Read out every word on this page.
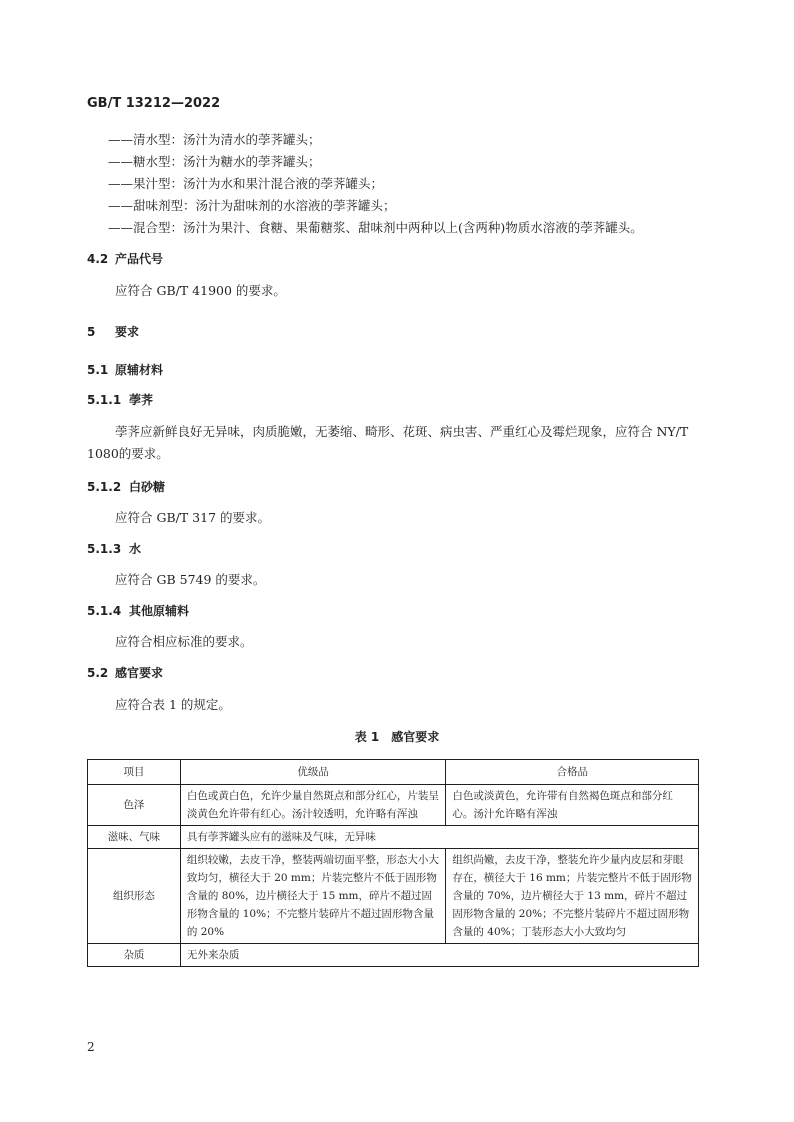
GB/T 13212—2022
——清水型：汤汁为清水的荸荠罐头；
——糖水型：汤汁为糖水的荸荠罐头；
——果汁型：汤汁为水和果汁混合液的荸荠罐头；
——甜味剂型：汤汁为甜味剂的水溶液的荸荠罐头；
——混合型：汤汁为果汁、食糖、果葡糖浆、甜味剂中两种以上(含两种)物质水溶液的荸荠罐头。
4.2 产品代号
应符合 GB/T 41900 的要求。
5 要求
5.1 原辅材料
5.1.1 荸荠
荸荠应新鲜良好无异味，肉质脆嫩，无萎缩、畸形、花斑、病虫害、严重红心及霉烂现象，应符合 NY/T 1080的要求。
5.1.2 白砂糖
应符合 GB/T 317 的要求。
5.1.3 水
应符合 GB 5749 的要求。
5.1.4 其他原辅料
应符合相应标准的要求。
5.2 感官要求
应符合表 1 的规定。
表 1　感官要求
项目	优级品	合格品
色泽	白色或黄白色，允许少量自然斑点和部分红心，片装呈淡黄色允许带有红心。汤汁较透明，允许略有浑浊	白色或淡黄色，允许带有自然褐色斑点和部分红心。汤汁允许略有浑浊
滋味、气味	具有荸荠罐头应有的滋味及气味，无异味	
组织形态	组织较嫩，去皮干净，整装两端切面平整，形态大小大致均匀，横径大于 20 mm；片装完整片不低于固形物含量的 80%，边片横径大于 15 mm，碎片不超过固形物含量的 10%；不完整片装碎片不超过固形物含量的 20%	组织尚嫩，去皮干净，整装允许少量内皮层和芽眼存在，横径大于 16 mm；片装完整片不低于固形物含量的 70%，边片横径大于 13 mm，碎片不超过固形物含量的 20%；不完整片装碎片不超过固形物含量的 40%；丁装形态大小大致均匀
杂质	无外来杂质	
2
